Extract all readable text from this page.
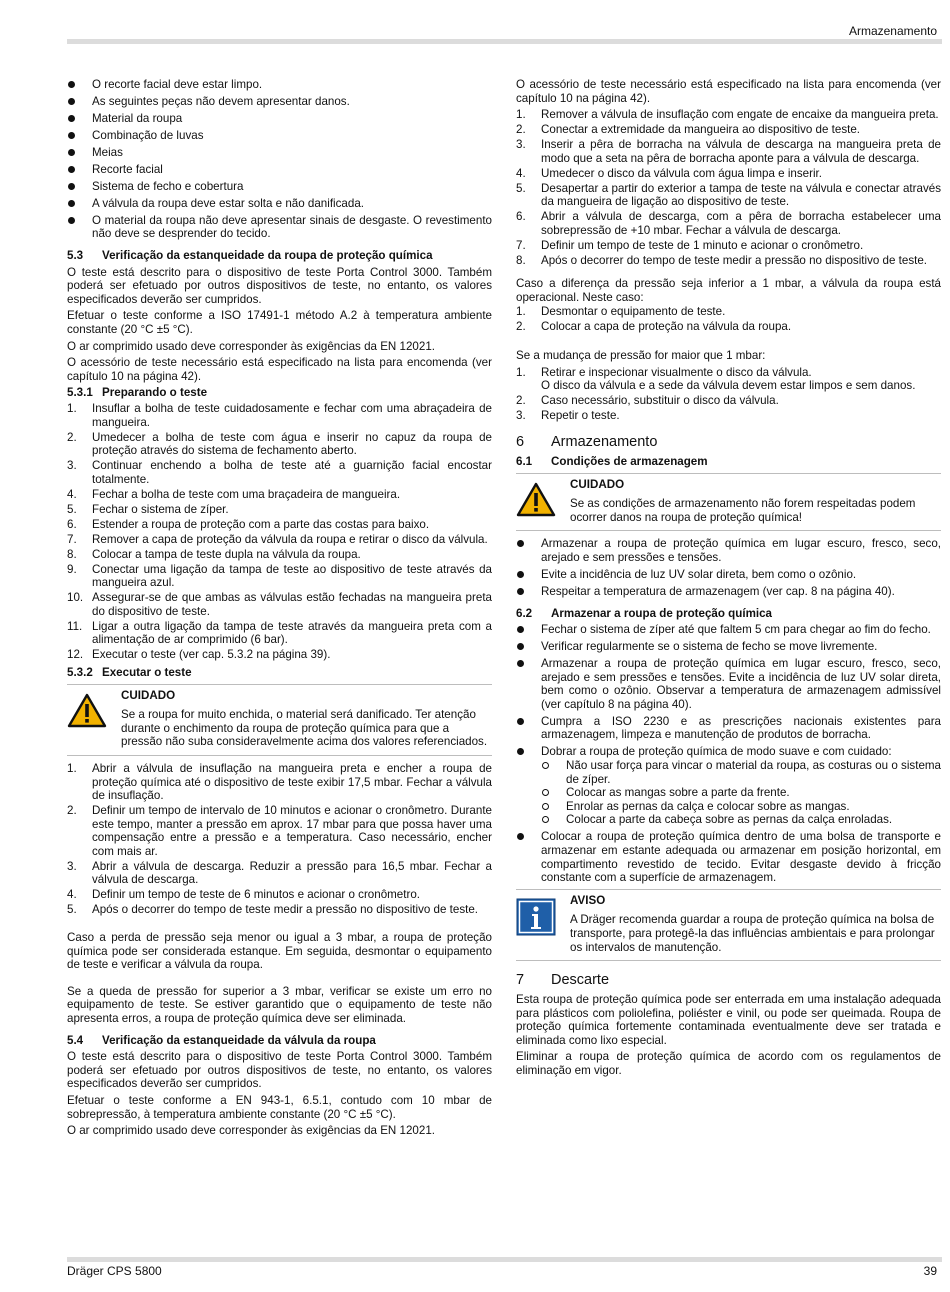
Armazenamento
O recorte facial deve estar limpo.
As seguintes peças não devem apresentar danos.
Material da roupa
Combinação de luvas
Meias
Recorte facial
Sistema de fecho e cobertura
A válvula da roupa deve estar solta e não danificada.
O material da roupa não deve apresentar sinais de desgaste. O revestimento não deve se desprender do tecido.
5.3	Verificação da estanqueidade da roupa de proteção química

O teste está descrito para o dispositivo de teste Porta Control 3000. Também poderá ser efetuado por outros dispositivos de teste, no entanto, os valores especificados deverão ser cumpridos.

Efetuar o teste conforme a ISO 17491-1 método A.2 à temperatura ambiente constante (20 °C ±5 °C).

O ar comprimido usado deve corresponder às exigências da EN 12021.

O acessório de teste necessário está especificado na lista para encomenda (ver capítulo 10 na página 42).

5.3.1 Preparando o teste
1. Insuflar a bolha de teste cuidadosamente e fechar com uma abraçadeira de mangueira.
2. Umedecer a bolha de teste com água e inserir no capuz da roupa de proteção através do sistema de fechamento aberto.
3. Continuar enchendo a bolha de teste até a guarnição facial encostar totalmente.
4. Fechar a bolha de teste com uma braçadeira de mangueira.
5. Fechar o sistema de zíper.
6. Estender a roupa de proteção com a parte das costas para baixo.
7. Remover a capa de proteção da válvula da roupa e retirar o disco da válvula.
8. Colocar a tampa de teste dupla na válvula da roupa.
9. Conectar uma ligação da tampa de teste ao dispositivo de teste através da mangueira azul.
10. Assegurar-se de que ambas as válvulas estão fechadas na mangueira preta do dispositivo de teste.
11. Ligar a outra ligação da tampa de teste através da mangueira preta com a alimentação de ar comprimido (6 bar).
12. Executar o teste (ver cap. 5.3.2 na página 39).
5.3.2 Executar o teste
CUIDADO
Se a roupa for muito enchida, o material será danificado. Ter atenção durante o enchimento da roupa de proteção química para que a pressão não suba consideravelmente acima dos valores referenciados.
1. Abrir a válvula de insuflação na mangueira preta e encher a roupa de proteção química até o dispositivo de teste exibir 17,5 mbar. Fechar a válvula de insuflação.
2. Definir um tempo de intervalo de 10 minutos e acionar o cronômetro. Durante este tempo, manter a pressão em aprox. 17 mbar para que possa haver uma compensação entre a pressão e a temperatura. Caso necessário, encher com mais ar.
3. Abrir a válvula de descarga. Reduzir a pressão para 16,5 mbar. Fechar a válvula de descarga.
4. Definir um tempo de teste de 6 minutos e acionar o cronômetro.
5. Após o decorrer do tempo de teste medir a pressão no dispositivo de teste.

Caso a perda de pressão seja menor ou igual a 3 mbar, a roupa de proteção química pode ser considerada estanque. Em seguida, desmontar o equipamento de teste e verificar a válvula da roupa.

Se a queda de pressão for superior a 3 mbar, verificar se existe um erro no equipamento de teste. Se estiver garantido que o equipamento de teste não apresenta erros, a roupa de proteção química deve ser eliminada.

5.4	Verificação da estanqueidade da válvula da roupa

O teste está descrito para o dispositivo de teste Porta Control 3000. Também poderá ser efetuado por outros dispositivos de teste, no entanto, os valores especificados deverão ser cumpridos.

Efetuar o teste conforme a EN 943-1, 6.5.1, contudo com 10 mbar de sobrepressão, à temperatura ambiente constante (20 °C ±5 °C).

O ar comprimido usado deve corresponder às exigências da EN 12021.

O acessório de teste necessário está especificado na lista para encomenda (ver capítulo 10 na página 42).

1. Remover a válvula de insuflação com engate de encaixe da mangueira preta.
2. Conectar a extremidade da mangueira ao dispositivo de teste.
3. Inserir a pêra de borracha na válvula de descarga na mangueira preta de modo que a seta na pêra de borracha aponte para a válvula de descarga.
4. Umedecer o disco da válvula com água limpa e inserir.
5. Desapertar a partir do exterior a tampa de teste na válvula e conectar através da mangueira de ligação ao dispositivo de teste.
6. Abrir a válvula de descarga, com a pêra de borracha estabelecer uma sobrepressão de +10 mbar. Fechar a válvula de descarga.
7. Definir um tempo de teste de 1 minuto e acionar o cronômetro.
8. Após o decorrer do tempo de teste medir a pressão no dispositivo de teste.

Caso a diferença da pressão seja inferior a 1 mbar, a válvula da roupa está operacional. Neste caso:

1. Desmontar o equipamento de teste.
2. Colocar a capa de proteção na válvula da roupa.

Se a mudança de pressão for maior que 1 mbar:

1. Retirar e inspecionar visualmente o disco da válvula.
O disco da válvula e a sede da válvula devem estar limpos e sem danos.
2. Caso necessário, substituir o disco da válvula.
3. Repetir o teste.
6	Armazenamento
6.1	Condições de armazenagem
CUIDADO
Se as condições de armazenamento não forem respeitadas podem ocorrer danos na roupa de proteção química!
Armazenar a roupa de proteção química em lugar escuro, fresco, seco, arejado e sem pressões e tensões.
Evite a incidência de luz UV solar direta, bem como o ozônio.
Respeitar a temperatura de armazenagem (ver cap. 8 na página 40).
6.2	Armazenar a roupa de proteção química
Fechar o sistema de zíper até que faltem 5 cm para chegar ao fim do fecho.
Verificar regularmente se o sistema de fecho se move livremente.
Armazenar a roupa de proteção química em lugar escuro, fresco, seco, arejado e sem pressões e tensões. Evite a incidência de luz UV solar direta, bem como o ozônio. Observar a temperatura de armazenagem admissível (ver capítulo 8 na página 40).
Cumpra a ISO 2230 e as prescrições nacionais existentes para armazenagem, limpeza e manutenção de produtos de borracha.
Dobrar a roupa de proteção química de modo suave e com cuidado:
Não usar força para vincar o material da roupa, as costuras ou o sistema de zíper.
Colocar as mangas sobre a parte da frente.
Enrolar as pernas da calça e colocar sobre as mangas.
Colocar a parte da cabeça sobre as pernas da calça enroladas.
Colocar a roupa de proteção química dentro de uma bolsa de transporte e armazenar em estante adequada ou armazenar em posição horizontal, em compartimento revestido de tecido. Evitar desgaste devido à fricção constante com a superfície de armazenagem.
AVISO
A Dräger recomenda guardar a roupa de proteção química na bolsa de transporte, para protegê-la das influências ambientais e para prolongar os intervalos de manutenção.
7	Descarte

Esta roupa de proteção química pode ser enterrada em uma instalação adequada para plásticos com poliolefina, poliéster e vinil, ou pode ser queimada. Roupa de proteção química fortemente contaminada eventualmente deve ser tratada e eliminada como lixo especial.

Eliminar a roupa de proteção química de acordo com os regulamentos de eliminação em vigor.

Dräger CPS 5800	39
